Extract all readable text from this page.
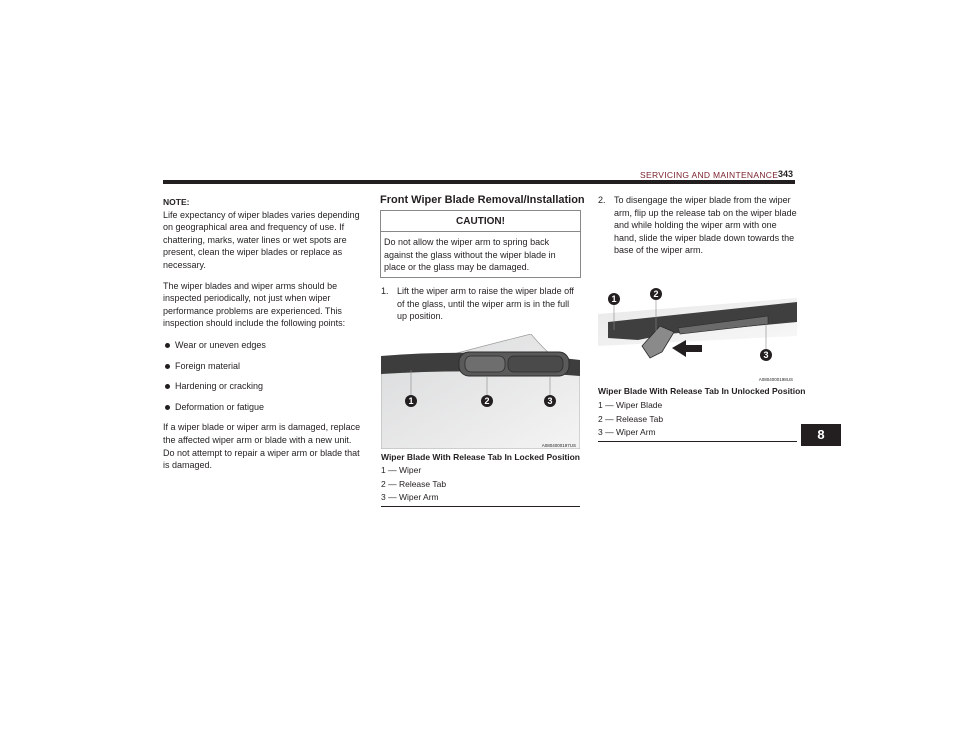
SERVICING AND MAINTENANCE 343

NOTE:

Life expectancy of wiper blades varies depending on geographical area and frequency of use. If chattering, marks, water lines or wet spots are present, clean the wiper blades or replace as necessary.

The wiper blades and wiper arms should be inspected periodically, not just when wiper performance problems are experienced. This inspection should include the following points:

Wear or uneven edges
Foreign material
Hardening or cracking
Deformation or fatigue

If a wiper blade or wiper arm is damaged, replace the affected wiper arm or blade with a new unit. Do not attempt to repair a wiper arm or blade that is damaged.

Front Wiper Blade Removal/Installation
CAUTION!
Do not allow the wiper arm to spring back against the glass without the wiper blade in place or the glass may be damaged.
1. Lift the wiper arm to raise the wiper blade off of the glass, until the wiper arm is in the full up position.
1	2	3
A0804000197US
Wiper Blade With Release Tab In Locked Position
1 — Wiper
2 — Release Tab
3 — Wiper Arm
2. To disengage the wiper blade from the wiper arm, flip up the release tab on the wiper blade and while holding the wiper arm with one hand, slide the wiper blade down towards the base of the wiper arm.
1	2
3
A0804000198US
Wiper Blade With Release Tab In Unlocked Position
1 — Wiper Blade
2 — Release Tab
3 — Wiper Arm	8
